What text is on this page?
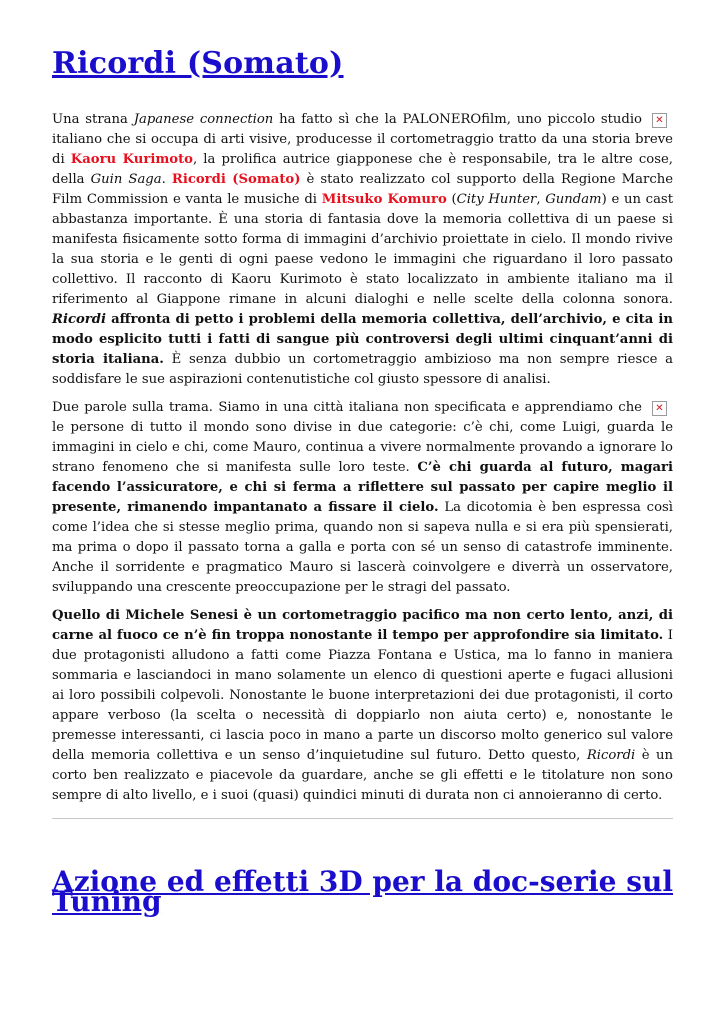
Ricordi (Somato)

✕
Una strana Japanese connection ha fatto sì che la PALONEROfilm, uno piccolo studio italiano che si occupa di arti visive, producesse il cortometraggio tratto da una storia breve di Kaoru Kurimoto, la prolifica autrice giapponese che è responsabile, tra le altre cose, della Guin Saga. Ricordi (Somato) è stato realizzato col supporto della Regione Marche Film Commission e vanta le musiche di Mitsuko Komuro (City Hunter, Gundam) e un cast abbastanza importante. È una storia di fantasia dove la memoria collettiva di un paese si manifesta fisicamente sotto forma di immagini d’archivio proiettate in cielo. Il mondo rivive la sua storia e le genti di ogni paese vedono le immagini che riguardano il loro passato collettivo. Il racconto di Kaoru Kurimoto è stato localizzato in ambiente italiano ma il riferimento al Giappone rimane in alcuni dialoghi e nelle scelte della colonna sonora. Ricordi affronta di petto i problemi della memoria collettiva, dell’archivio, e cita in modo esplicito tutti i fatti di sangue più controversi degli ultimi cinquant’anni di storia italiana. È senza dubbio un cortometraggio ambizioso ma non sempre riesce a soddisfare le sue aspirazioni contenutistiche col giusto spessore di analisi.

✕
Due parole sulla trama. Siamo in una città italiana non specificata e apprendiamo che le persone di tutto il mondo sono divise in due categorie: c’è chi, come Luigi, guarda le immagini in cielo e chi, come Mauro, continua a vivere normalmente provando a ignorare lo strano fenomeno che si manifesta sulle loro teste. C’è chi guarda al futuro, magari facendo l’assicuratore, e chi si ferma a riflettere sul passato per capire meglio il presente, rimanendo impantanato a fissare il cielo. La dicotomia è ben espressa così come l’idea che si stesse meglio prima, quando non si sapeva nulla e si era più spensierati, ma prima o dopo il passato torna a galla e porta con sé un senso di catastrofe imminente. Anche il sorridente e pragmatico Mauro si lascerà coinvolgere e diverrà un osservatore, sviluppando una crescente preoccupazione per le stragi del passato.

Quello di Michele Senesi è un cortometraggio pacifico ma non certo lento, anzi, di carne al fuoco ce n’è fin troppa nonostante il tempo per approfondire sia limitato. I due protagonisti alludono a fatti come Piazza Fontana e Ustica, ma lo fanno in maniera sommaria e lasciandoci in mano solamente un elenco di questioni aperte e fugaci allusioni ai loro possibili colpevoli. Nonostante le buone interpretazioni dei due protagonisti, il corto appare verboso (la scelta o necessità di doppiarlo non aiuta certo) e, nonostante le premesse interessanti, ci lascia poco in mano a parte un discorso molto generico sul valore della memoria collettiva e un senso d’inquietudine sul futuro. Detto questo, Ricordi è un corto ben realizzato e piacevole da guardare, anche se gli effetti e le titolature non sono sempre di alto livello, e i suoi (quasi) quindici minuti di durata non ci annoieranno di certo.

Azione ed effetti 3D per la doc-serie sul Tuning
